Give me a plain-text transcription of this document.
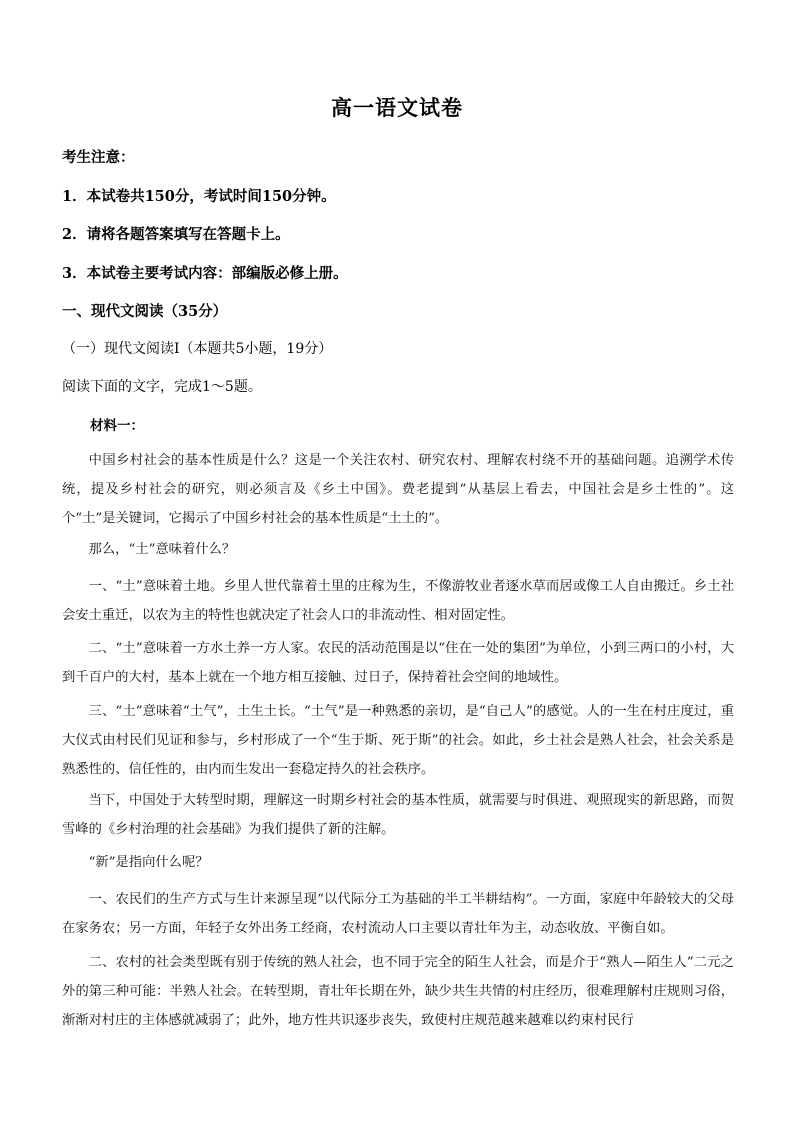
高一语文试卷
考生注意：
1．本试卷共150分，考试时间150分钟。
2．请将各题答案填写在答题卡上。
3．本试卷主要考试内容：部编版必修上册。
一、现代文阅读（35分）
（一）现代文阅读Ⅰ（本题共5小题，19分）
阅读下面的文字，完成1～5题。
材料一：
中国乡村社会的基本性质是什么？这是一个关注农村、研究农村、理解农村绕不开的基础问题。追溯学术传统，提及乡村社会的研究，则必须言及《乡土中国》。费老提到“从基层上看去，中国社会是乡土性的”。这个“土”是关键词，它揭示了中国乡村社会的基本性质是“土土的”。
那么，“土”意味着什么？
一、“土”意味着土地。乡里人世代靠着土里的庄稼为生，不像游牧业者逐水草而居或像工人自由搬迁。乡土社会安土重迁，以农为主的特性也就决定了社会人口的非流动性、相对固定性。
二、“土”意味着一方水土养一方人家。农民的活动范围是以“住在一处的集团”为单位，小到三两口的小村，大到千百户的大村，基本上就在一个地方相互接触、过日子，保持着社会空间的地域性。
三、“土”意味着“土气”，土生土长。“土气”是一种熟悉的亲切，是“自己人”的感觉。人的一生在村庄度过，重大仪式由村民们见证和参与，乡村形成了一个“生于斯、死于斯”的社会。如此，乡土社会是熟人社会，社会关系是熟悉性的、信任性的，由内而生发出一套稳定持久的社会秩序。
当下，中国处于大转型时期，理解这一时期乡村社会的基本性质，就需要与时俱进、观照现实的新思路，而贺雪峰的《乡村治理的社会基础》为我们提供了新的注解。
“新”是指向什么呢？
一、农民们的生产方式与生计来源呈现“以代际分工为基础的半工半耕结构”。一方面，家庭中年龄较大的父母在家务农；另一方面，年轻子女外出务工经商，农村流动人口主要以青壮年为主，动态收放、平衡自如。
二、农村的社会类型既有别于传统的熟人社会，也不同于完全的陌生人社会，而是介于“熟人—陌生人”二元之外的第三种可能：半熟人社会。在转型期，青壮年长期在外，缺少共生共情的村庄经历，很难理解村庄规则习俗，渐渐对村庄的主体感就减弱了；此外，地方性共识逐步丧失，致使村庄规范越来越难以约束村民行
